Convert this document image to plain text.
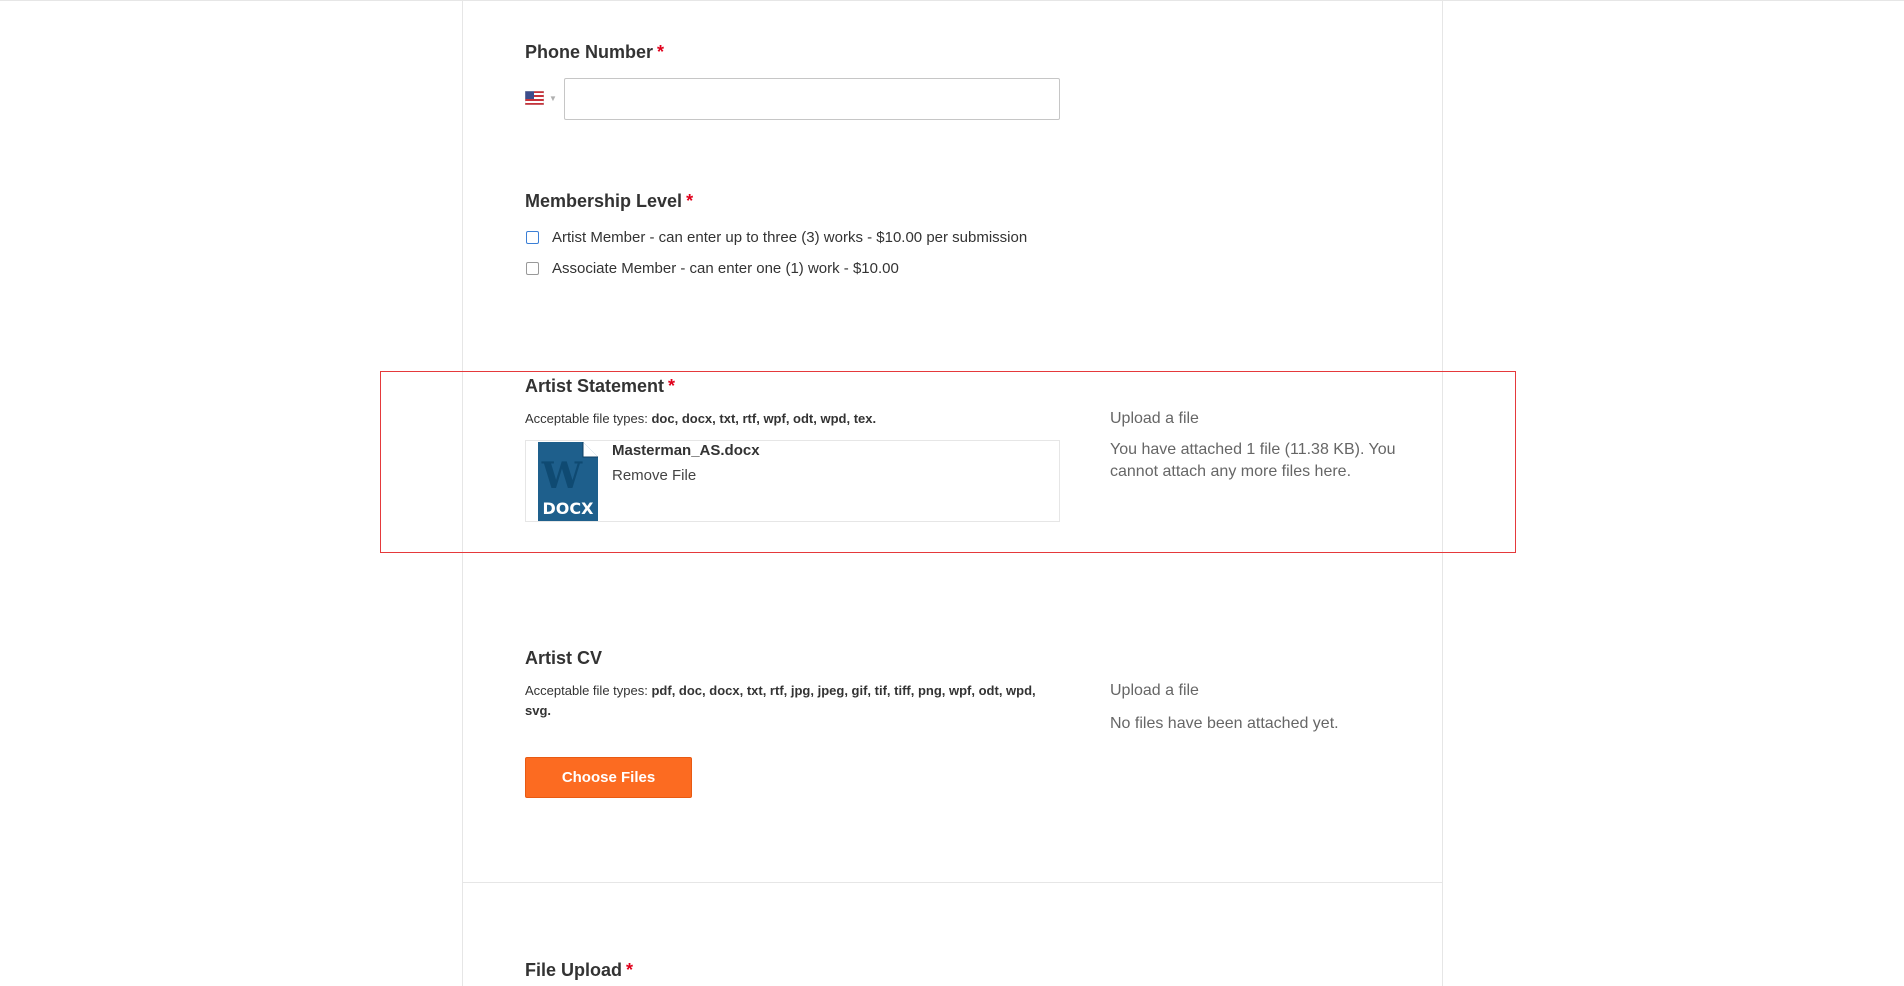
Phone Number *
▼
Membership Level *
Artist Member - can enter up to three (3) works - $10.00 per submission
Associate Member - can enter one (1) work - $10.00
Artist Statement *
Acceptable file types: doc, docx, txt, rtf, wpf, odt, wpd, tex.
W
DOCX
Masterman_AS.docx
Remove File
Upload a file
You have attached 1 file (11.38 KB). You cannot attach any more files here.
Artist CV
Acceptable file types: pdf, doc, docx, txt, rtf, jpg, jpeg, gif, tif, tiff, png, wpf, odt, wpd, svg.
Upload a file
No files have been attached yet.
Choose Files
File Upload *
